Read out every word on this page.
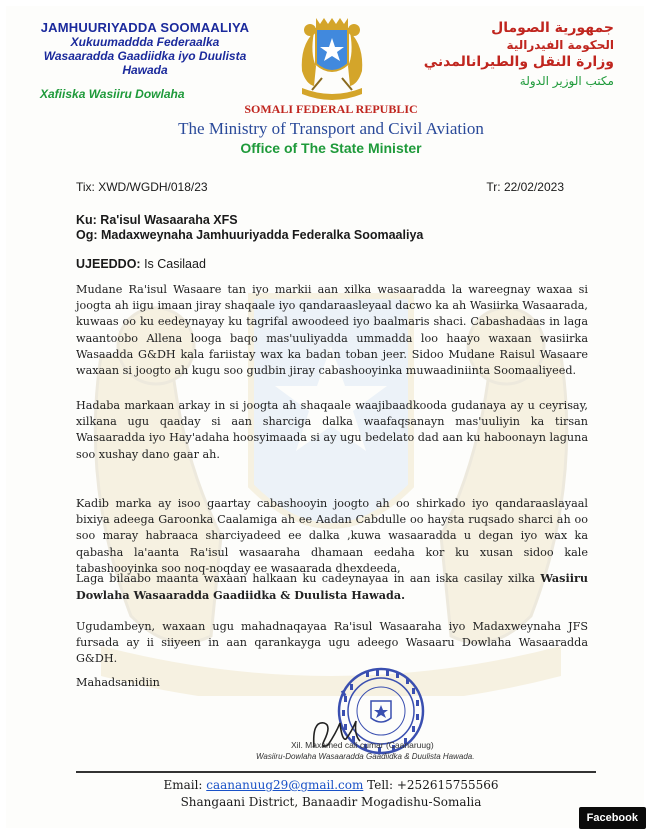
JAMHUURIYADDA SOOMAALIYA
Xukuumaddda Federaalka
Wasaaradda Gaadiidka iyo Duulista
Hawada
Xafiiska Wasiiru Dowlaha
جمهورية الصومال
الحكومة الفيدرالية
وزارة النقل والطيرانالمدني
مكتب الوزير الدولة
SOMALI FEDERAL REPUBLIC
The Ministry of Transport and Civil Aviation
Office of The State Minister
Tix: XWD/WGDH/018/23	Tr: 22/02/2023
Ku: Ra'isul Wasaaraha XFS
Og: Madaxweynaha Jamhuuriyadda Federalka Soomaaliya
UJEEDDO: Is Casilaad
Mudane Ra'isul Wasaare tan iyo markii aan xilka wasaaradda la wareegnay waxaa si joogta ah iigu imaan jiray shaqaale iyo qandaraasleyaal dacwo ka ah Wasiirka Wasaarada, kuwaas oo ku eedeynayay ku tagrifal awoodeed iyo baalmaris shaci. Cabashadaas in laga waantoobo Allena looga baqo mas'uuliyadda ummadda loo haayo waxaan wasiirka Wasaadda G&DH kala fariistay wax ka badan toban jeer. Sidoo Mudane Raisul Wasaare waxaan si joogto ah kugu soo gudbin jiray cabashooyinka muwaadiniinta Soomaaliyeed.
Hadaba markaan arkay in si joogta ah shaqaale waajibaadkooda gudanaya ay u ceyrisay, xilkana ugu qaaday si aan sharciga dalka waafaqsanayn mas'uuliyin ka tirsan Wasaaradda iyo Hay'adaha hoosyimaada si ay ugu bedelato dad aan ku haboonayn laguna soo xushay dano gaar ah.
Kadib marka ay isoo gaartay cabashooyin joogto ah oo shirkado iyo qandaraaslayaal bixiya adeega Garoonka Caalamiga ah ee Aadan Cabdulle oo haysta ruqsado sharci ah oo soo maray habraaca sharciyadeed ee dalka ,kuwa wasaaradda u degan iyo wax ka qabasha la'aanta Ra'isul wasaaraha dhamaan eedaha kor ku xusan sidoo kale tabashooyinka soo noq-noqday ee wasaarada dhexdeeda,
Laga bilaabo maanta waxaan halkaan ku cadeynayaa in aan iska casilay xilka Wasiiru Dowlaha Wasaaradda Gaadiidka & Duulista Hawada.
Ugudambeyn, waxaan ugu mahadnaqayaa Ra'isul Wasaaraha iyo Madaxweynaha JFS fursada ay ii siiyeen in aan qarankayga ugu adeego Wasaaru Dowlaha Wasaaradda G&DH.
Mahadsanidiin
Xil. Maxamed cali cumar (Caanaruug)
Wasiiru-Dowlaha Wasaaradda Gaadiidka & Duulista Hawada.
Email: caananuug29@gmail.com Tell: +252615755566
Shangaani District, Banaadir Mogadishu-Somalia
Facebook
